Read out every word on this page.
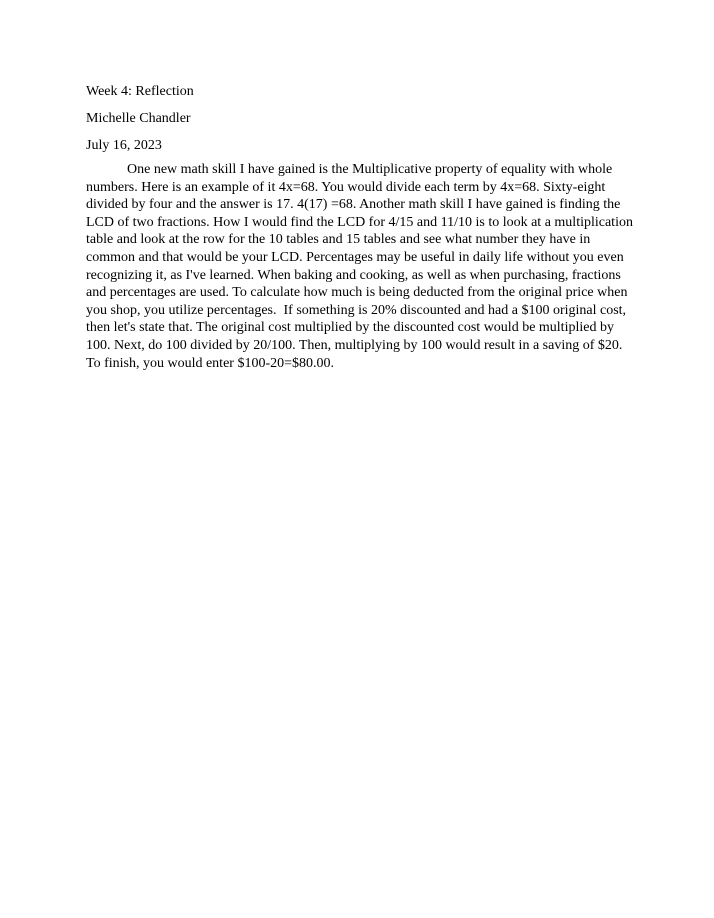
Week 4: Reflection

Michelle Chandler

July 16, 2023

One new math skill I have gained is the Multiplicative property of equality with whole numbers. Here is an example of it 4x=68. You would divide each term by 4x=68. Sixty-eight divided by four and the answer is 17. 4(17) =68. Another math skill I have gained is finding the LCD of two fractions. How I would find the LCD for 4/15 and 11/10 is to look at a multiplication table and look at the row for the 10 tables and 15 tables and see what number they have in common and that would be your LCD. Percentages may be useful in daily life without you even recognizing it, as I've learned. When baking and cooking, as well as when purchasing, fractions and percentages are used. To calculate how much is being deducted from the original price when you shop, you utilize percentages.  If something is 20% discounted and had a $100 original cost, then let's state that. The original cost multiplied by the discounted cost would be multiplied by 100. Next, do 100 divided by 20/100. Then, multiplying by 100 would result in a saving of $20. To finish, you would enter $100-20=$80.00.
